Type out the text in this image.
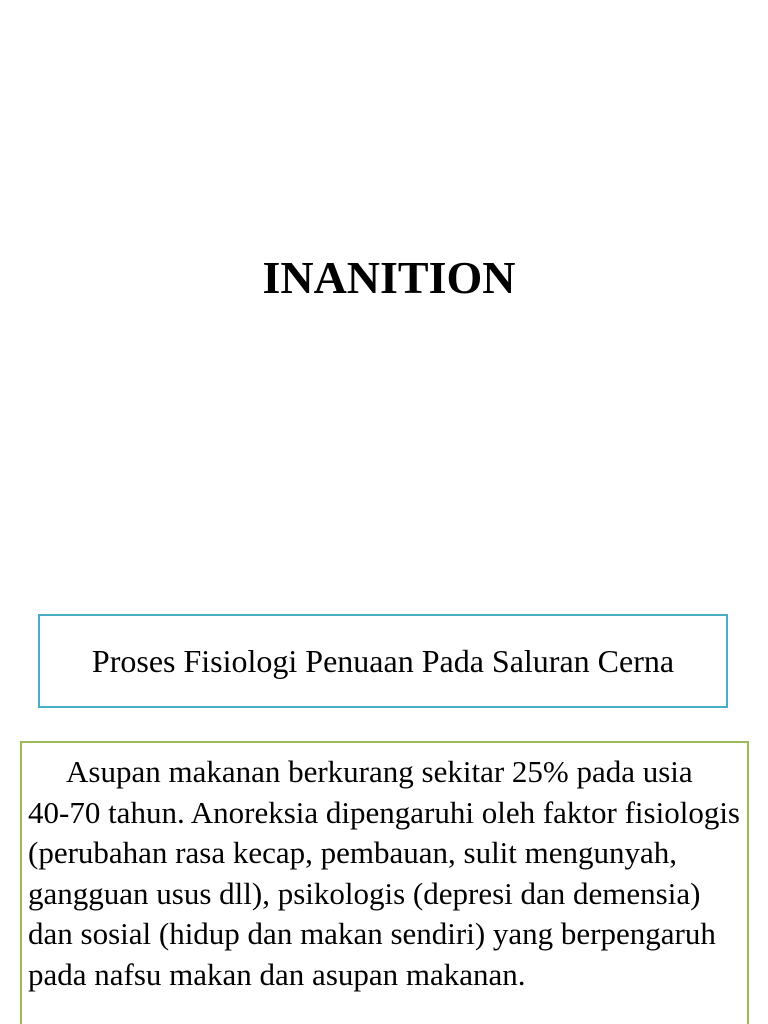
INANITION
Proses Fisiologi Penuaan Pada Saluran Cerna

Asupan makanan berkurang sekitar 25% pada usia 40-70 tahun. Anoreksia dipengaruhi oleh faktor fisiologis (perubahan rasa kecap, pembauan, sulit mengunyah, gangguan usus dll), psikologis (depresi dan demensia) dan sosial (hidup dan makan sendiri) yang berpengaruh pada nafsu makan dan asupan makanan.
